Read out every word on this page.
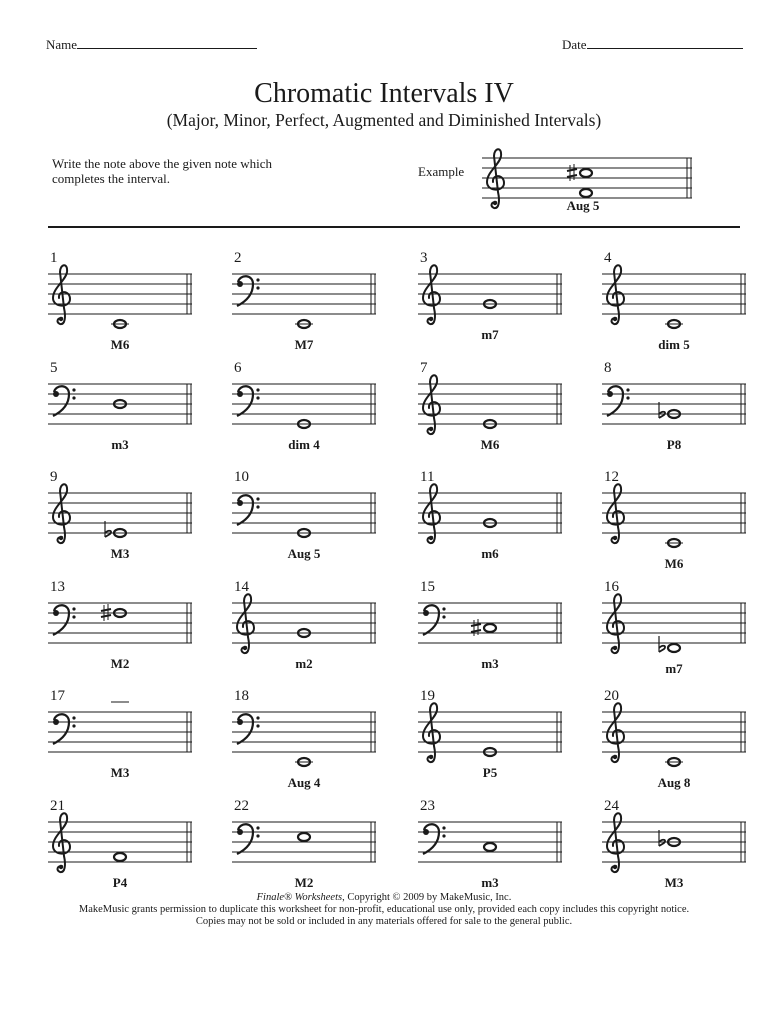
Name	Date
Chromatic Intervals IV
(Major, Minor, Perfect, Augmented and Diminished Intervals)
Write the note above the given note which
completes the interval.	Example
Aug 5
1
M6
2
M7
3
m7
4
dim 5
5
m3
6
dim 4
7
M6
8
P8
9
M3
10
Aug 5
11
m6
12
M6
13
M2
14
m2
15
m3
16
m7
17
M3
18
Aug 4
19
P5
20
Aug 8
21
P4
22
M2
23
m3
24
M3

Finale® Worksheets, Copyright © 2009 by MakeMusic, Inc.

MakeMusic grants permission to duplicate this worksheet for non-profit, educational use only, provided each copy includes this copyright notice.

Copies may not be sold or included in any materials offered for sale to the general public.
